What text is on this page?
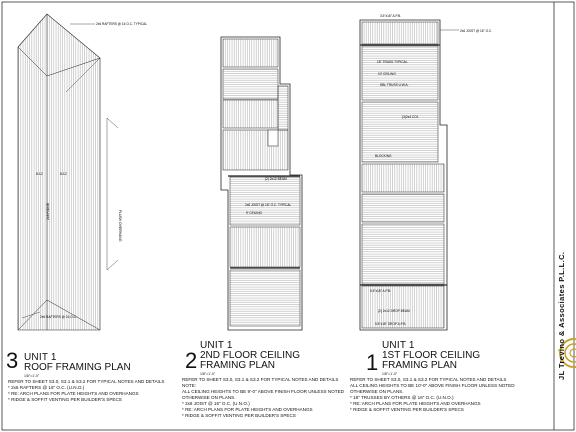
2x6 RAFTERS @ 16 O.C. TYPICAL
2x6 RAFTERS @ 16 O.C.
2x8 RIDGE	FLUSH OVERHANG
8:12	8:12
2x6 JOIST @ 16" O.C. TYPICAL
9' CEILING
(2) 2x12 BEAM
3.5"x18" A.P.B.
2x6 JOIST @ 16" O.C.
18" TRUSS TYPICAL
10' CEILING
DBL TRUSS U.W.A.
(3)2x4 COL
BLOCKING
5.5"x18" A.P.B.
(2) 2x12 DROP BEAM
5.5"x18" DROP A.P.B.
3 UNIT 1
ROOF FRAMING PLAN
1/8"=1'-0"
REFER TO SHEET S3.0, S3.1 & S3.2 FOR TYPICAL NOTES AND DETAILS
* 2x6 RAFTERS @ 16" O.C. (U.N.O.)
* RE: ARCH PLANS FOR PLATE HEIGHTS AND OVERHANGS
* RIDGE & SOFFIT VENTING PER BUILDER'S SPECS
2
UNIT 1
2ND FLOOR CEILING
FRAMING PLAN
1/8"=1'-0"
REFER TO SHEET S3.0, S3.1 & S3.2 FOR TYPICAL NOTES AND DETAILS
NOTE:
ALL CEILING HEIGHTS TO BE 9'-0" ABOVE FINISH FLOOR UNLESS NOTED OTHERWISE ON PLANS.
* 2x6 JOIST @ 16" O.C. (U.N.O.)
* RE: ARCH PLANS FOR PLATE HEIGHTS AND OVERHANGS
* RIDGE & SOFFIT VENTING PER BUILDER'S SPECS
1
UNIT 1
1ST FLOOR CEILING
FRAMING PLAN
1/8"=1'-0"
REFER TO SHEET S3.0, S3.1 & S3.2 FOR TYPICAL NOTES AND DETAILS
ALL CEILING HEIGHTS TO BE 10'-0" ABOVE FINISH FLOOR UNLESS NOTED OTHERWISE ON PLANS.
* 18" TRUSSES BY OTHERS @ 16" O.C. (U.N.O.)
* RE: ARCH PLANS FOR PLATE HEIGHTS AND OVERHANGS
* RIDGE & SOFFIT VENTING PER BUILDER'S SPECS
JL Trevino & Associates P.L.L.C.
